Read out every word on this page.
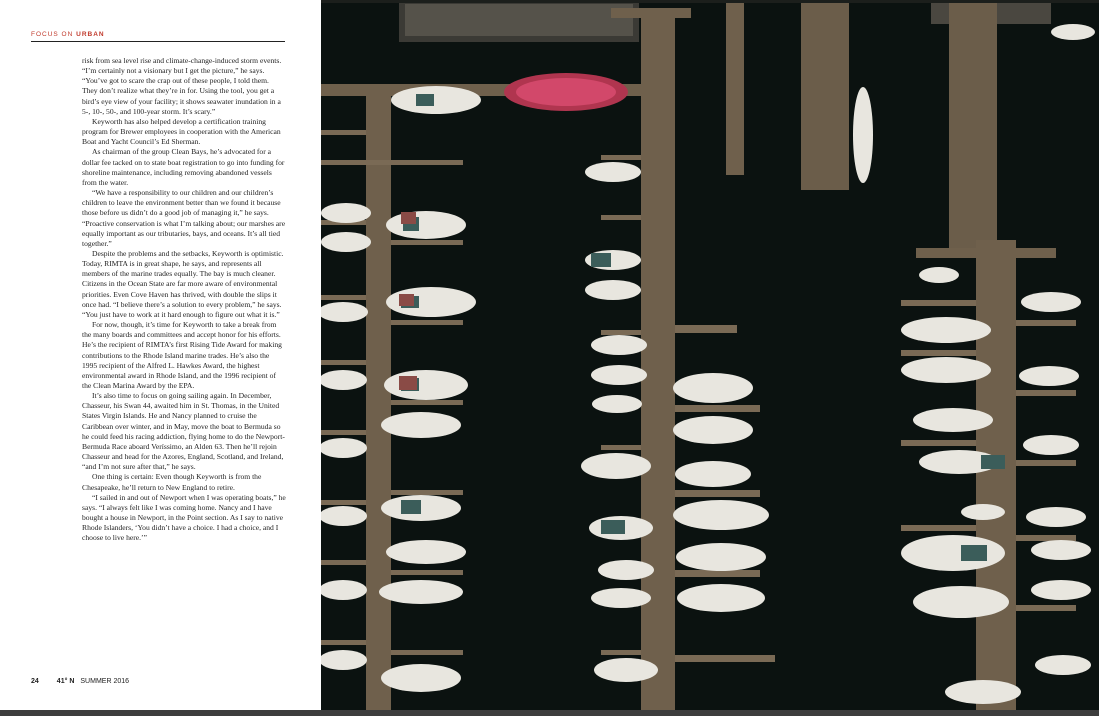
FOCUS ON URBAN

risk from sea level rise and climate-change-induced storm events. “I’m certainly not a visionary but I get the picture,” he says. “You’ve got to scare the crap out of these people, I told them. They don’t realize what they’re in for. Using the tool, you get a bird’s eye view of your facility; it shows seawater inundation in a 5-, 10-, 50-, and 100-year storm. It’s scary.”

Keyworth has also helped develop a certification training program for Brewer employees in cooperation with the American Boat and Yacht Council’s Ed Sherman.

As chairman of the group Clean Bays, he’s advocated for a dollar fee tacked on to state boat registration to go into funding for shoreline maintenance, including removing abandoned vessels from the water.

“We have a responsibility to our children and our children’s children to leave the environment better than we found it because those before us didn’t do a good job of managing it,” he says. “Proactive conservation is what I’m talking about; our marshes are equally important as our tributaries, bays, and oceans. It’s all tied together.”

Despite the problems and the setbacks, Keyworth is optimistic. Today, RIMTA is in great shape, he says, and represents all members of the marine trades equally. The bay is much cleaner. Citizens in the Ocean State are far more aware of environmental priorities. Even Cove Haven has thrived, with double the slips it once had. “I believe there’s a solution to every problem,” he says. “You just have to work at it hard enough to figure out what it is.”

For now, though, it’s time for Keyworth to take a break from the many boards and committees and accept honor for his efforts. He’s the recipient of RIMTA’s first Rising Tide Award for making contributions to the Rhode Island marine trades. He’s also the 1995 recipient of the Alfred L. Hawkes Award, the highest environmental award in Rhode Island, and the 1996 recipient of the Clean Marina Award by the EPA.

It’s also time to focus on going sailing again. In December, Chasseur, his Swan 44, awaited him in St. Thomas, in the United States Virgin Islands. He and Nancy planned to cruise the Caribbean over winter, and in May, move the boat to Bermuda so he could feed his racing addiction, flying home to do the Newport-Bermuda Race aboard Veríssimo, an Alden 63. Then he’ll rejoin Chasseur and head for the Azores, England, Scotland, and Ireland, “and I’m not sure after that,” he says.

One thing is certain: Even though Keyworth is from the Chesapeake, he’ll return to New England to retire.

“I sailed in and out of Newport when I was operating boats,” he says. “I always felt like I was coming home. Nancy and I have bought a house in Newport, in the Point section. As I say to native Rhode Islanders, ‘You didn’t have a choice. I had a choice, and I choose to live here.’”

24	41° N SUMMER 2016
